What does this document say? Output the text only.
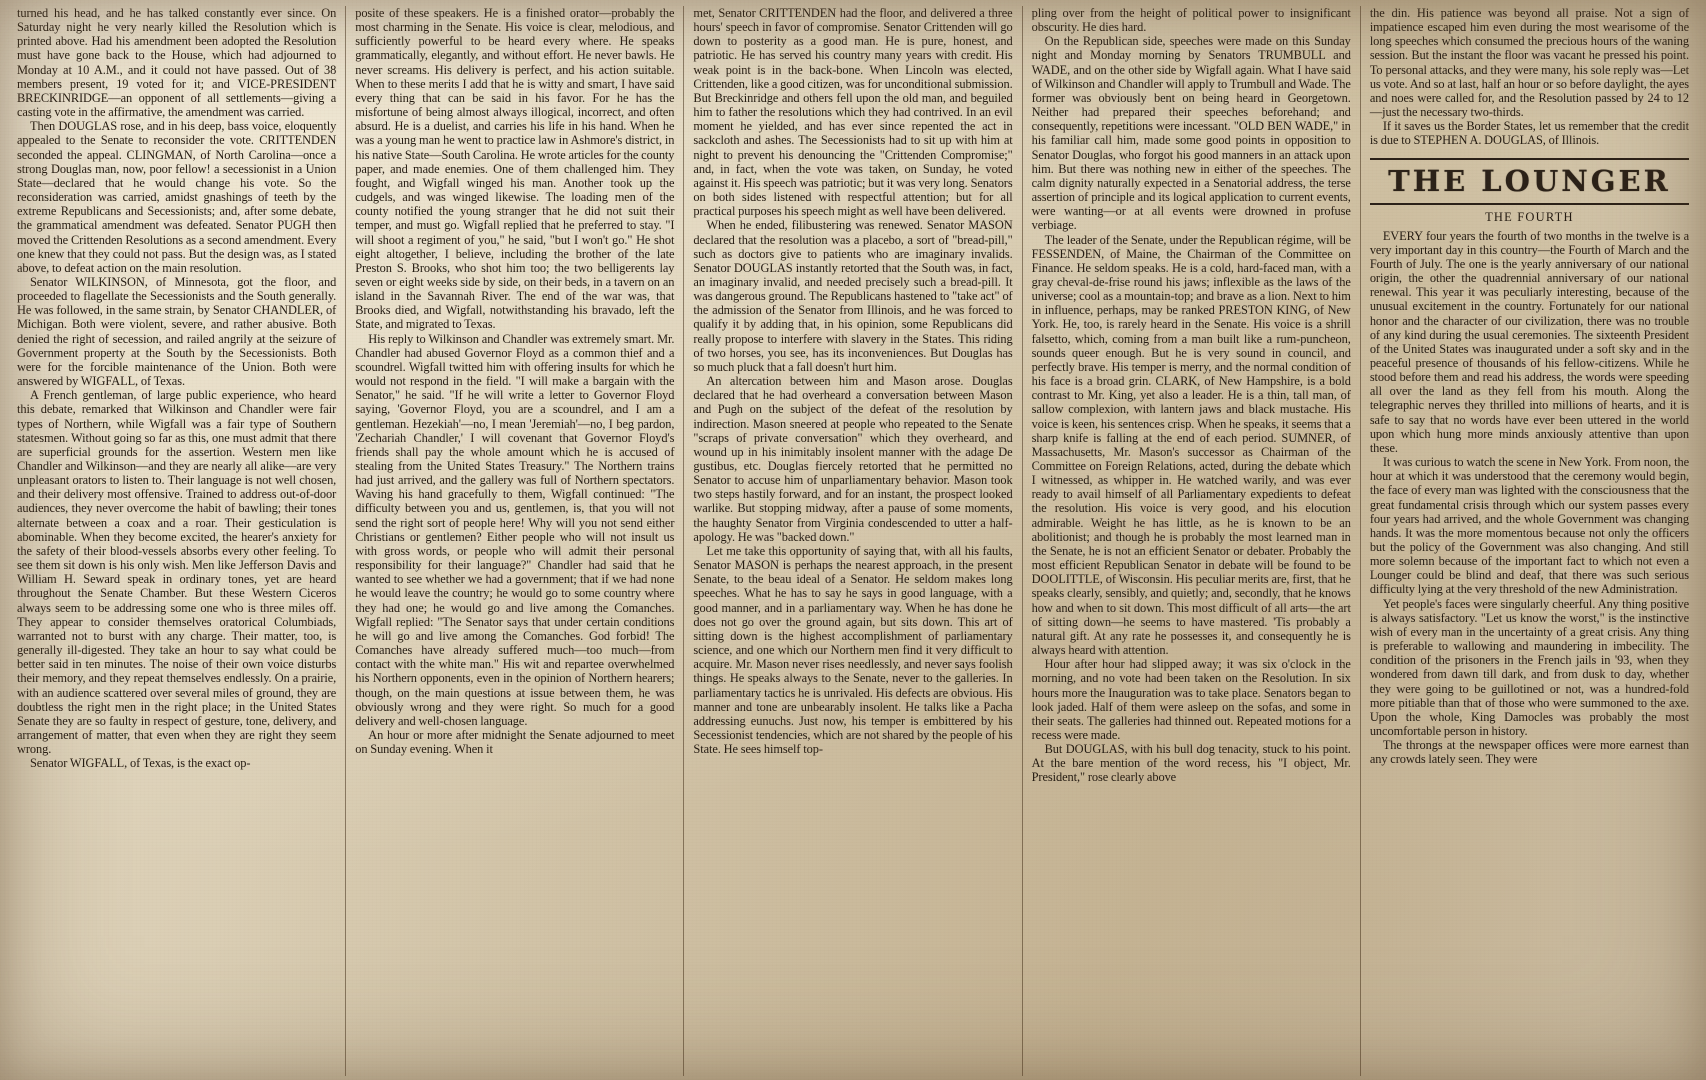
turned his head, and he has talked constantly ever since. On Saturday night he very nearly killed the Resolution which is printed above. Had his amendment been adopted the Resolution must have gone back to the House, which had adjourned to Monday at 10 A.M., and it could not have passed. Out of 38 members present, 19 voted for it; and VICE-PRESIDENT BRECKINRIDGE—an opponent of all settlements—giving a casting vote in the affirmative, the amendment was carried.

Then DOUGLAS rose, and in his deep, bass voice, eloquently appealed to the Senate to reconsider the vote. CRITTENDEN seconded the appeal. CLINGMAN, of North Carolina—once a strong Douglas man, now, poor fellow! a secessionist in a Union State—declared that he would change his vote. So the reconsideration was carried, amidst gnashings of teeth by the extreme Republicans and Secessionists; and, after some debate, the grammatical amendment was defeated. Senator PUGH then moved the Crittenden Resolutions as a second amendment. Every one knew that they could not pass. But the design was, as I stated above, to defeat action on the main resolution.

Senator WILKINSON, of Minnesota, got the floor, and proceeded to flagellate the Secessionists and the South generally. He was followed, in the same strain, by Senator CHANDLER, of Michigan. Both were violent, severe, and rather abusive. Both denied the right of secession, and railed angrily at the seizure of Government property at the South by the Secessionists. Both were for the forcible maintenance of the Union. Both were answered by WIGFALL, of Texas.

A French gentleman, of large public experience, who heard this debate, remarked that Wilkinson and Chandler were fair types of Northern, while Wigfall was a fair type of Southern statesmen. Without going so far as this, one must admit that there are superficial grounds for the assertion. Western men like Chandler and Wilkinson—and they are nearly all alike—are very unpleasant orators to listen to. Their language is not well chosen, and their delivery most offensive. Trained to address out-of-door audiences, they never overcome the habit of bawling; their tones alternate between a coax and a roar. Their gesticulation is abominable. When they become excited, the hearer's anxiety for the safety of their blood-vessels absorbs every other feeling. To see them sit down is his only wish. Men like Jefferson Davis and William H. Seward speak in ordinary tones, yet are heard throughout the Senate Chamber. But these Western Ciceros always seem to be addressing some one who is three miles off. They appear to consider themselves oratorical Columbiads, warranted not to burst with any charge. Their matter, too, is generally ill-digested. They take an hour to say what could be better said in ten minutes. The noise of their own voice disturbs their memory, and they repeat themselves endlessly. On a prairie, with an audience scattered over several miles of ground, they are doubtless the right men in the right place; in the United States Senate they are so faulty in respect of gesture, tone, delivery, and arrangement of matter, that even when they are right they seem wrong.

Senator WIGFALL, of Texas, is the exact op-

posite of these speakers. He is a finished orator—probably the most charming in the Senate. His voice is clear, melodious, and sufficiently powerful to be heard every where. He speaks grammatically, elegantly, and without effort. He never bawls. He never screams. His delivery is perfect, and his action suitable. When to these merits I add that he is witty and smart, I have said every thing that can be said in his favor. For he has the misfortune of being almost always illogical, incorrect, and often absurd. He is a duelist, and carries his life in his hand. When he was a young man he went to practice law in Ashmore's district, in his native State—South Carolina. He wrote articles for the county paper, and made enemies. One of them challenged him. They fought, and Wigfall winged his man. Another took up the cudgels, and was winged likewise. The loading men of the county notified the young stranger that he did not suit their temper, and must go. Wigfall replied that he preferred to stay. "I will shoot a regiment of you," he said, "but I won't go." He shot eight altogether, I believe, including the brother of the late Preston S. Brooks, who shot him too; the two belligerents lay seven or eight weeks side by side, on their beds, in a tavern on an island in the Savannah River. The end of the war was, that Brooks died, and Wigfall, notwithstanding his bravado, left the State, and migrated to Texas.

His reply to Wilkinson and Chandler was extremely smart. Mr. Chandler had abused Governor Floyd as a common thief and a scoundrel. Wigfall twitted him with offering insults for which he would not respond in the field. "I will make a bargain with the Senator," he said. "If he will write a letter to Governor Floyd saying, 'Governor Floyd, you are a scoundrel, and I am a gentleman. Hezekiah'—no, I mean 'Jeremiah'—no, I beg pardon, 'Zechariah Chandler,' I will covenant that Governor Floyd's friends shall pay the whole amount which he is accused of stealing from the United States Treasury." The Northern trains had just arrived, and the gallery was full of Northern spectators. Waving his hand gracefully to them, Wigfall continued: "The difficulty between you and us, gentlemen, is, that you will not send the right sort of people here! Why will you not send either Christians or gentlemen? Either people who will not insult us with gross words, or people who will admit their personal responsibility for their language?" Chandler had said that he wanted to see whether we had a government; that if we had none he would leave the country; he would go to some country where they had one; he would go and live among the Comanches. Wigfall replied: "The Senator says that under certain conditions he will go and live among the Comanches. God forbid! The Comanches have already suffered much—too much—from contact with the white man." His wit and repartee overwhelmed his Northern opponents, even in the opinion of Northern hearers; though, on the main questions at issue between them, he was obviously wrong and they were right. So much for a good delivery and well-chosen language.

An hour or more after midnight the Senate adjourned to meet on Sunday evening. When it

met, Senator CRITTENDEN had the floor, and delivered a three hours' speech in favor of compromise. Senator Crittenden will go down to posterity as a good man. He is pure, honest, and patriotic. He has served his country many years with credit. His weak point is in the back-bone. When Lincoln was elected, Crittenden, like a good citizen, was for unconditional submission. But Breckinridge and others fell upon the old man, and beguiled him to father the resolutions which they had contrived. In an evil moment he yielded, and has ever since repented the act in sackcloth and ashes. The Secessionists had to sit up with him at night to prevent his denouncing the "Crittenden Compromise;" and, in fact, when the vote was taken, on Sunday, he voted against it. His speech was patriotic; but it was very long. Senators on both sides listened with respectful attention; but for all practical purposes his speech might as well have been delivered.

When he ended, filibustering was renewed. Senator MASON declared that the resolution was a placebo, a sort of "bread-pill," such as doctors give to patients who are imaginary invalids. Senator DOUGLAS instantly retorted that the South was, in fact, an imaginary invalid, and needed precisely such a bread-pill. It was dangerous ground. The Republicans hastened to "take act" of the admission of the Senator from Illinois, and he was forced to qualify it by adding that, in his opinion, some Republicans did really propose to interfere with slavery in the States. This riding of two horses, you see, has its inconveniences. But Douglas has so much pluck that a fall doesn't hurt him.

An altercation between him and Mason arose. Douglas declared that he had overheard a conversation between Mason and Pugh on the subject of the defeat of the resolution by indirection. Mason sneered at people who repeated to the Senate "scraps of private conversation" which they overheard, and wound up in his inimitably insolent manner with the adage De gustibus, etc. Douglas fiercely retorted that he permitted no Senator to accuse him of unparliamentary behavior. Mason took two steps hastily forward, and for an instant, the prospect looked warlike. But stopping midway, after a pause of some moments, the haughty Senator from Virginia condescended to utter a half-apology. He was "backed down."

Let me take this opportunity of saying that, with all his faults, Senator MASON is perhaps the nearest approach, in the present Senate, to the beau ideal of a Senator. He seldom makes long speeches. What he has to say he says in good language, with a good manner, and in a parliamentary way. When he has done he does not go over the ground again, but sits down. This art of sitting down is the highest accomplishment of parliamentary science, and one which our Northern men find it very difficult to acquire. Mr. Mason never rises needlessly, and never says foolish things. He speaks always to the Senate, never to the galleries. In parliamentary tactics he is unrivaled. His defects are obvious. His manner and tone are unbearably insolent. He talks like a Pacha addressing eunuchs. Just now, his temper is embittered by his Secessionist tendencies, which are not shared by the people of his State. He sees himself top-

pling over from the height of political power to insignificant obscurity. He dies hard.

On the Republican side, speeches were made on this Sunday night and Monday morning by Senators TRUMBULL and WADE, and on the other side by Wigfall again. What I have said of Wilkinson and Chandler will apply to Trumbull and Wade. The former was obviously bent on being heard in Georgetown. Neither had prepared their speeches beforehand; and consequently, repetitions were incessant. "OLD BEN WADE," in his familiar call him, made some good points in opposition to Senator Douglas, who forgot his good manners in an attack upon him. But there was nothing new in either of the speeches. The calm dignity naturally expected in a Senatorial address, the terse assertion of principle and its logical application to current events, were wanting—or at all events were drowned in profuse verbiage.

The leader of the Senate, under the Republican régime, will be FESSENDEN, of Maine, the Chairman of the Committee on Finance. He seldom speaks. He is a cold, hard-faced man, with a gray cheval-de-frise round his jaws; inflexible as the laws of the universe; cool as a mountain-top; and brave as a lion. Next to him in influence, perhaps, may be ranked PRESTON KING, of New York. He, too, is rarely heard in the Senate. His voice is a shrill falsetto, which, coming from a man built like a rum-puncheon, sounds queer enough. But he is very sound in council, and perfectly brave. His temper is merry, and the normal condition of his face is a broad grin. CLARK, of New Hampshire, is a bold contrast to Mr. King, yet also a leader. He is a thin, tall man, of sallow complexion, with lantern jaws and black mustache. His voice is keen, his sentences crisp. When he speaks, it seems that a sharp knife is falling at the end of each period. SUMNER, of Massachusetts, Mr. Mason's successor as Chairman of the Committee on Foreign Relations, acted, during the debate which I witnessed, as whipper in. He watched warily, and was ever ready to avail himself of all Parliamentary expedients to defeat the resolution. His voice is very good, and his elocution admirable. Weight he has little, as he is known to be an abolitionist; and though he is probably the most learned man in the Senate, he is not an efficient Senator or debater. Probably the most efficient Republican Senator in debate will be found to be DOOLITTLE, of Wisconsin. His peculiar merits are, first, that he speaks clearly, sensibly, and quietly; and, secondly, that he knows how and when to sit down. This most difficult of all arts—the art of sitting down—he seems to have mastered. 'Tis probably a natural gift. At any rate he possesses it, and consequently he is always heard with attention.

Hour after hour had slipped away; it was six o'clock in the morning, and no vote had been taken on the Resolution. In six hours more the Inauguration was to take place. Senators began to look jaded. Half of them were asleep on the sofas, and some in their seats. The galleries had thinned out. Repeated motions for a recess were made.

But DOUGLAS, with his bull dog tenacity, stuck to his point. At the bare mention of the word recess, his "I object, Mr. President," rose clearly above

the din. His patience was beyond all praise. Not a sign of impatience escaped him even during the most wearisome of the long speeches which consumed the precious hours of the waning session. But the instant the floor was vacant he pressed his point. To personal attacks, and they were many, his sole reply was—Let us vote. And so at last, half an hour or so before daylight, the ayes and noes were called for, and the Resolution passed by 24 to 12—just the necessary two-thirds.

If it saves us the Border States, let us remember that the credit is due to STEPHEN A. DOUGLAS, of Illinois.

THE LOUNGER
THE FOURTH

EVERY four years the fourth of two months in the twelve is a very important day in this country—the Fourth of March and the Fourth of July. The one is the yearly anniversary of our national origin, the other the quadrennial anniversary of our national renewal. This year it was peculiarly interesting, because of the unusual excitement in the country. Fortunately for our national honor and the character of our civilization, there was no trouble of any kind during the usual ceremonies. The sixteenth President of the United States was inaugurated under a soft sky and in the peaceful presence of thousands of his fellow-citizens. While he stood before them and read his address, the words were speeding all over the land as they fell from his mouth. Along the telegraphic nerves they thrilled into millions of hearts, and it is safe to say that no words have ever been uttered in the world upon which hung more minds anxiously attentive than upon these.

It was curious to watch the scene in New York. From noon, the hour at which it was understood that the ceremony would begin, the face of every man was lighted with the consciousness that the great fundamental crisis through which our system passes every four years had arrived, and the whole Government was changing hands. It was the more momentous because not only the officers but the policy of the Government was also changing. And still more solemn because of the important fact to which not even a Lounger could be blind and deaf, that there was such serious difficulty lying at the very threshold of the new Administration.

Yet people's faces were singularly cheerful. Any thing positive is always satisfactory. "Let us know the worst," is the instinctive wish of every man in the uncertainty of a great crisis. Any thing is preferable to wallowing and maundering in imbecility. The condition of the prisoners in the French jails in '93, when they wondered from dawn till dark, and from dusk to day, whether they were going to be guillotined or not, was a hundred-fold more pitiable than that of those who were summoned to the axe. Upon the whole, King Damocles was probably the most uncomfortable person in history.

The throngs at the newspaper offices were more earnest than any crowds lately seen. They were
